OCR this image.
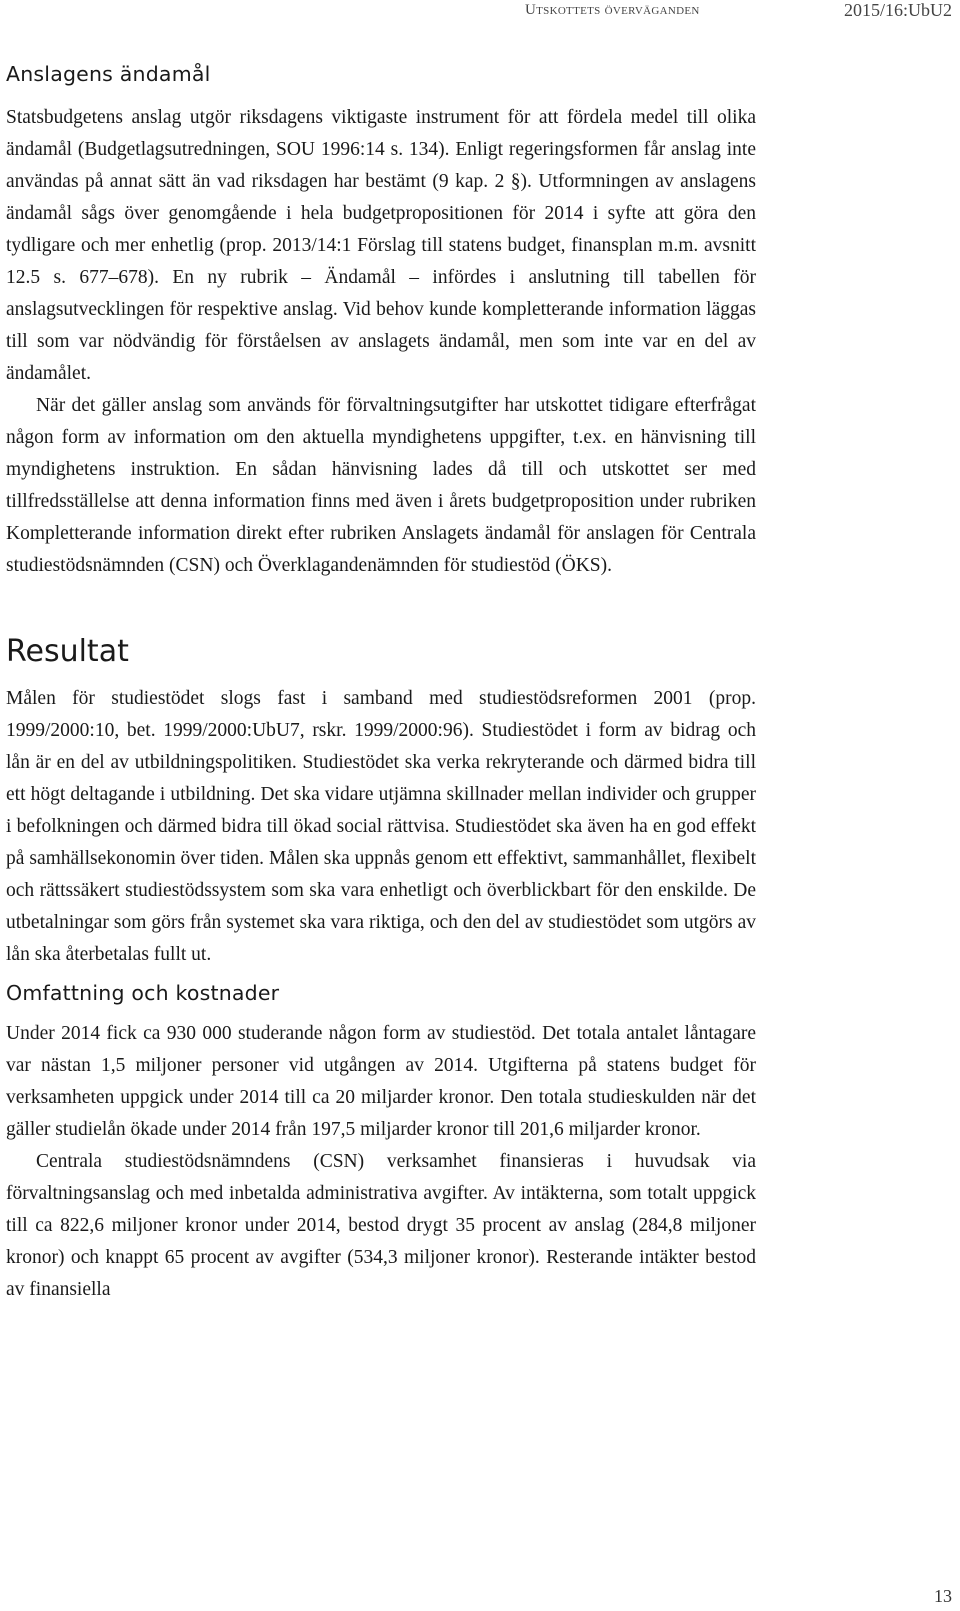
Utskottets överväganden	2015/16:UbU2
Anslagens ändamål

Statsbudgetens anslag utgör riksdagens viktigaste instrument för att fördela medel till olika ändamål (Budgetlagsutredningen, SOU 1996:14 s. 134). Enligt regeringsformen får anslag inte användas på annat sätt än vad riksdagen har bestämt (9 kap. 2 §). Utformningen av anslagens ändamål sågs över genomgående i hela budgetpropositionen för 2014 i syfte att göra den tydligare och mer enhetlig (prop. 2013/14:1 Förslag till statens budget, finansplan m.m. avsnitt 12.5 s. 677–678). En ny rubrik – Ändamål – infördes i anslutning till tabellen för anslagsutvecklingen för respektive anslag. Vid behov kunde kompletterande information läggas till som var nödvändig för förståelsen av anslagets ändamål, men som inte var en del av ändamålet.

När det gäller anslag som används för förvaltningsutgifter har utskottet tidigare efterfrågat någon form av information om den aktuella myndighetens uppgifter, t.ex. en hänvisning till myndighetens instruktion. En sådan hänvisning lades då till och utskottet ser med tillfredsställelse att denna information finns med även i årets budgetproposition under rubriken Kompletterande information direkt efter rubriken Anslagets ändamål för anslagen för Centrala studiestödsnämnden (CSN) och Överklagandenämnden för studiestöd (ÖKS).

Resultat

Målen för studiestödet slogs fast i samband med studiestödsreformen 2001 (prop. 1999/2000:10, bet. 1999/2000:UbU7, rskr. 1999/2000:96). Studiestödet i form av bidrag och lån är en del av utbildningspolitiken. Studiestödet ska verka rekryterande och därmed bidra till ett högt deltagande i utbildning. Det ska vidare utjämna skillnader mellan individer och grupper i befolkningen och därmed bidra till ökad social rättvisa. Studiestödet ska även ha en god effekt på samhällsekonomin över tiden. Målen ska uppnås genom ett effektivt, sammanhållet, flexibelt och rättssäkert studiestödssystem som ska vara enhetligt och överblickbart för den enskilde. De utbetalningar som görs från systemet ska vara riktiga, och den del av studiestödet som utgörs av lån ska återbetalas fullt ut.

Omfattning och kostnader

Under 2014 fick ca 930 000 studerande någon form av studiestöd. Det totala antalet låntagare var nästan 1,5 miljoner personer vid utgången av 2014. Utgifterna på statens budget för verksamheten uppgick under 2014 till ca 20 miljarder kronor. Den totala studieskulden när det gäller studielån ökade under 2014 från 197,5 miljarder kronor till 201,6 miljarder kronor.

Centrala studiestödsnämndens (CSN) verksamhet finansieras i huvudsak via förvaltningsanslag och med inbetalda administrativa avgifter. Av intäkterna, som totalt uppgick till ca 822,6 miljoner kronor under 2014, bestod drygt 35 procent av anslag (284,8 miljoner kronor) och knappt 65 procent av avgifter (534,3 miljoner kronor). Resterande intäkter bestod av finansiella

13
